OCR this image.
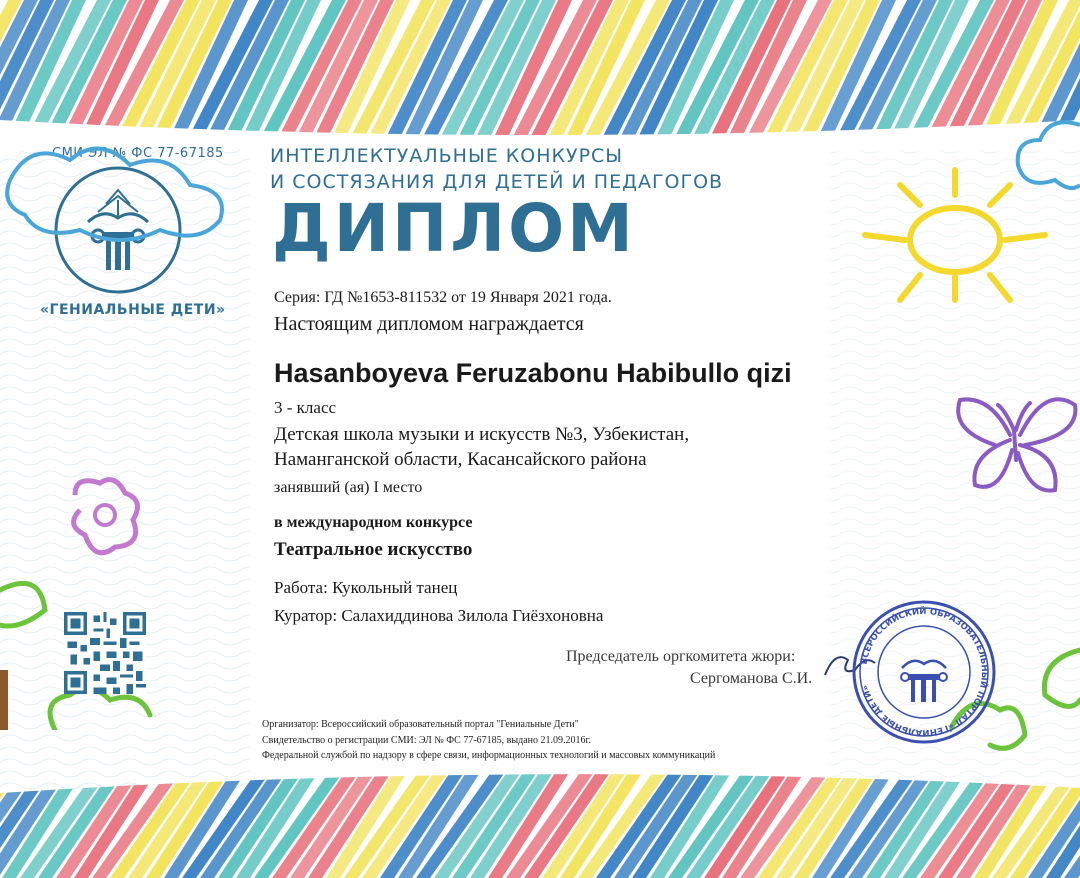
СМИ ЭЛ № ФС 77-67185
«ГЕНИАЛЬНЫЕ ДЕТИ»
ИНТЕЛЛЕКТУАЛЬНЫЕ КОНКУРСЫ
И СОСТЯЗАНИЯ ДЛЯ ДЕТЕЙ И ПЕДАГОГОВ
ДИПЛОМ
Серия: ГД №1653-811532 от 19 Января 2021 года.
Настоящим дипломом награждается
Hasanboyeva Feruzabonu Habibullo qizi
3 - класс
Детская школа музыки и искусств №3, Узбекистан,
Наманганской области, Касансайского района
занявший (ая) I место
в международном конкурсе
Театральное искусство
Работа: Кукольный танец
Куратор: Салахиддинова Зилола Гиёзхоновна
Председатель оргкомитета жюри:
Сергоманова С.И.
ВСЕРОССИЙСКИЙ ОБРАЗОВАТЕЛЬНЫЙ ПОРТАЛ «ГЕНИАЛЬНЫЕ ДЕТИ»
Организатор: Всероссийский образовательный портал "Гениальные Дети"
Свидетельство о регистрации СМИ: ЭЛ № ФС 77-67185, выдано 21.09.2016г.
Федеральной службой по надзору в сфере связи, информационных технологий и массовых коммуникаций
